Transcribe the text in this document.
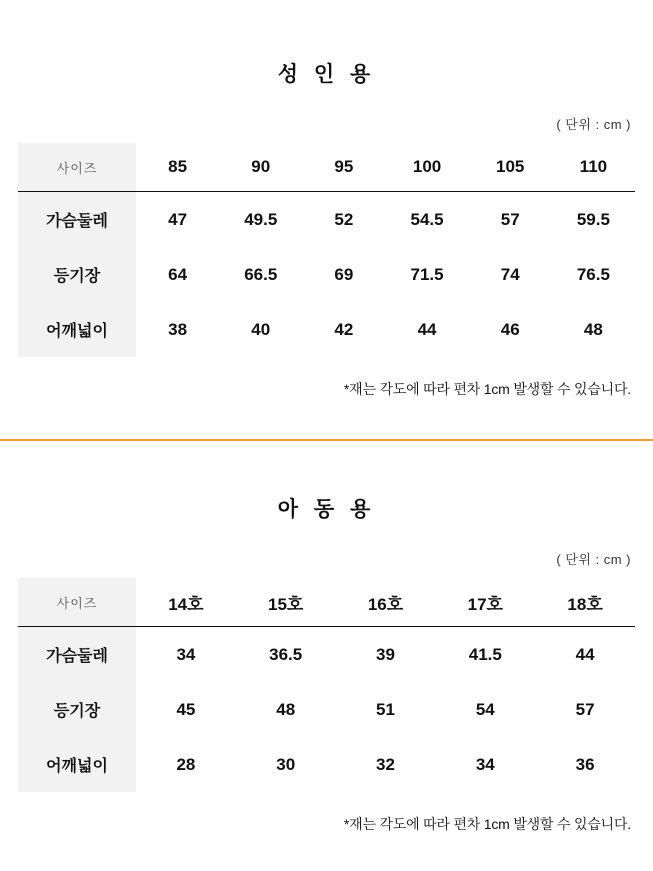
성 인 용
( 단위 : cm )
사이즈	85	90	95	100	105	110
가슴둘레	47	49.5	52	54.5	57	59.5
등기장	64	66.5	69	71.5	74	76.5
어깨넓이	38	40	42	44	46	48
*재는 각도에 따라 편차 1cm 발생할 수 있습니다.
아 동 용
( 단위 : cm )
사이즈	14호	15호	16호	17호	18호
가슴둘레	34	36.5	39	41.5	44
등기장	45	48	51	54	57
어깨넓이	28	30	32	34	36
*재는 각도에 따라 편차 1cm 발생할 수 있습니다.
